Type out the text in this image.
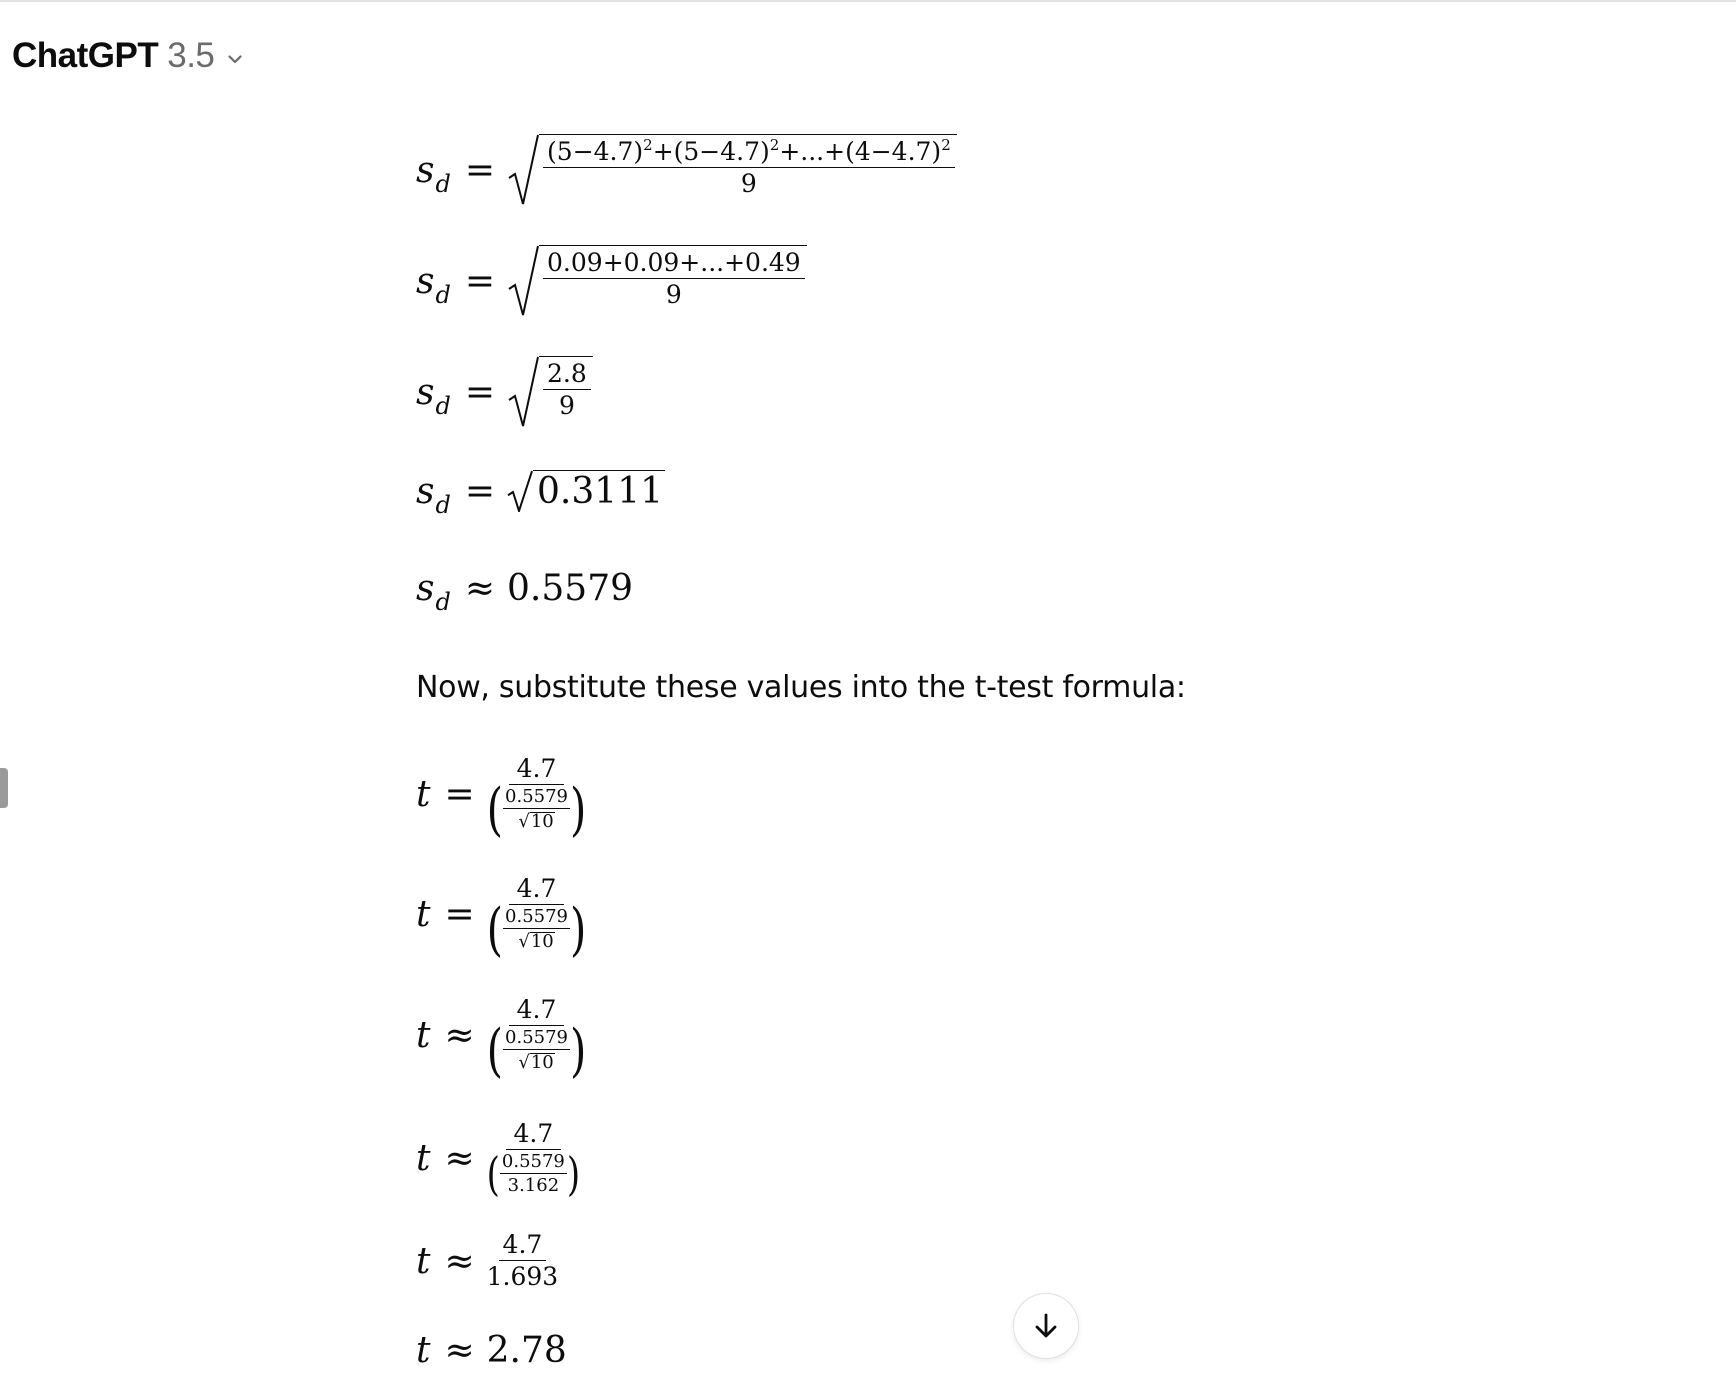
ChatGPT 3.5
$s_d = \frac{(5-4.7)^2+(5-4.7)^2+...+(4-4.7)^2}{9}$
$s_d = \frac{0.09+0.09+...+0.49}{9}$
$s_d = \frac{2.8}{9}$
$s_d = 0.3111$
$s_d \approx 0.5579$
Now, substitute these values into the t-test formula:
$t = \frac{4.7}{( \frac{0.5579}{√ 10} )}$
$t = \frac{4.7}{( \frac{0.5579}{√ 10} )}$
$t \approx \frac{4.7}{( \frac{0.5579}{√ 10} )}$
$t \approx \frac{4.7}{( \frac{0.5579}{3.162} )}$
$t \approx \frac{4.7}{1.693}$
t ≈ 2.78
